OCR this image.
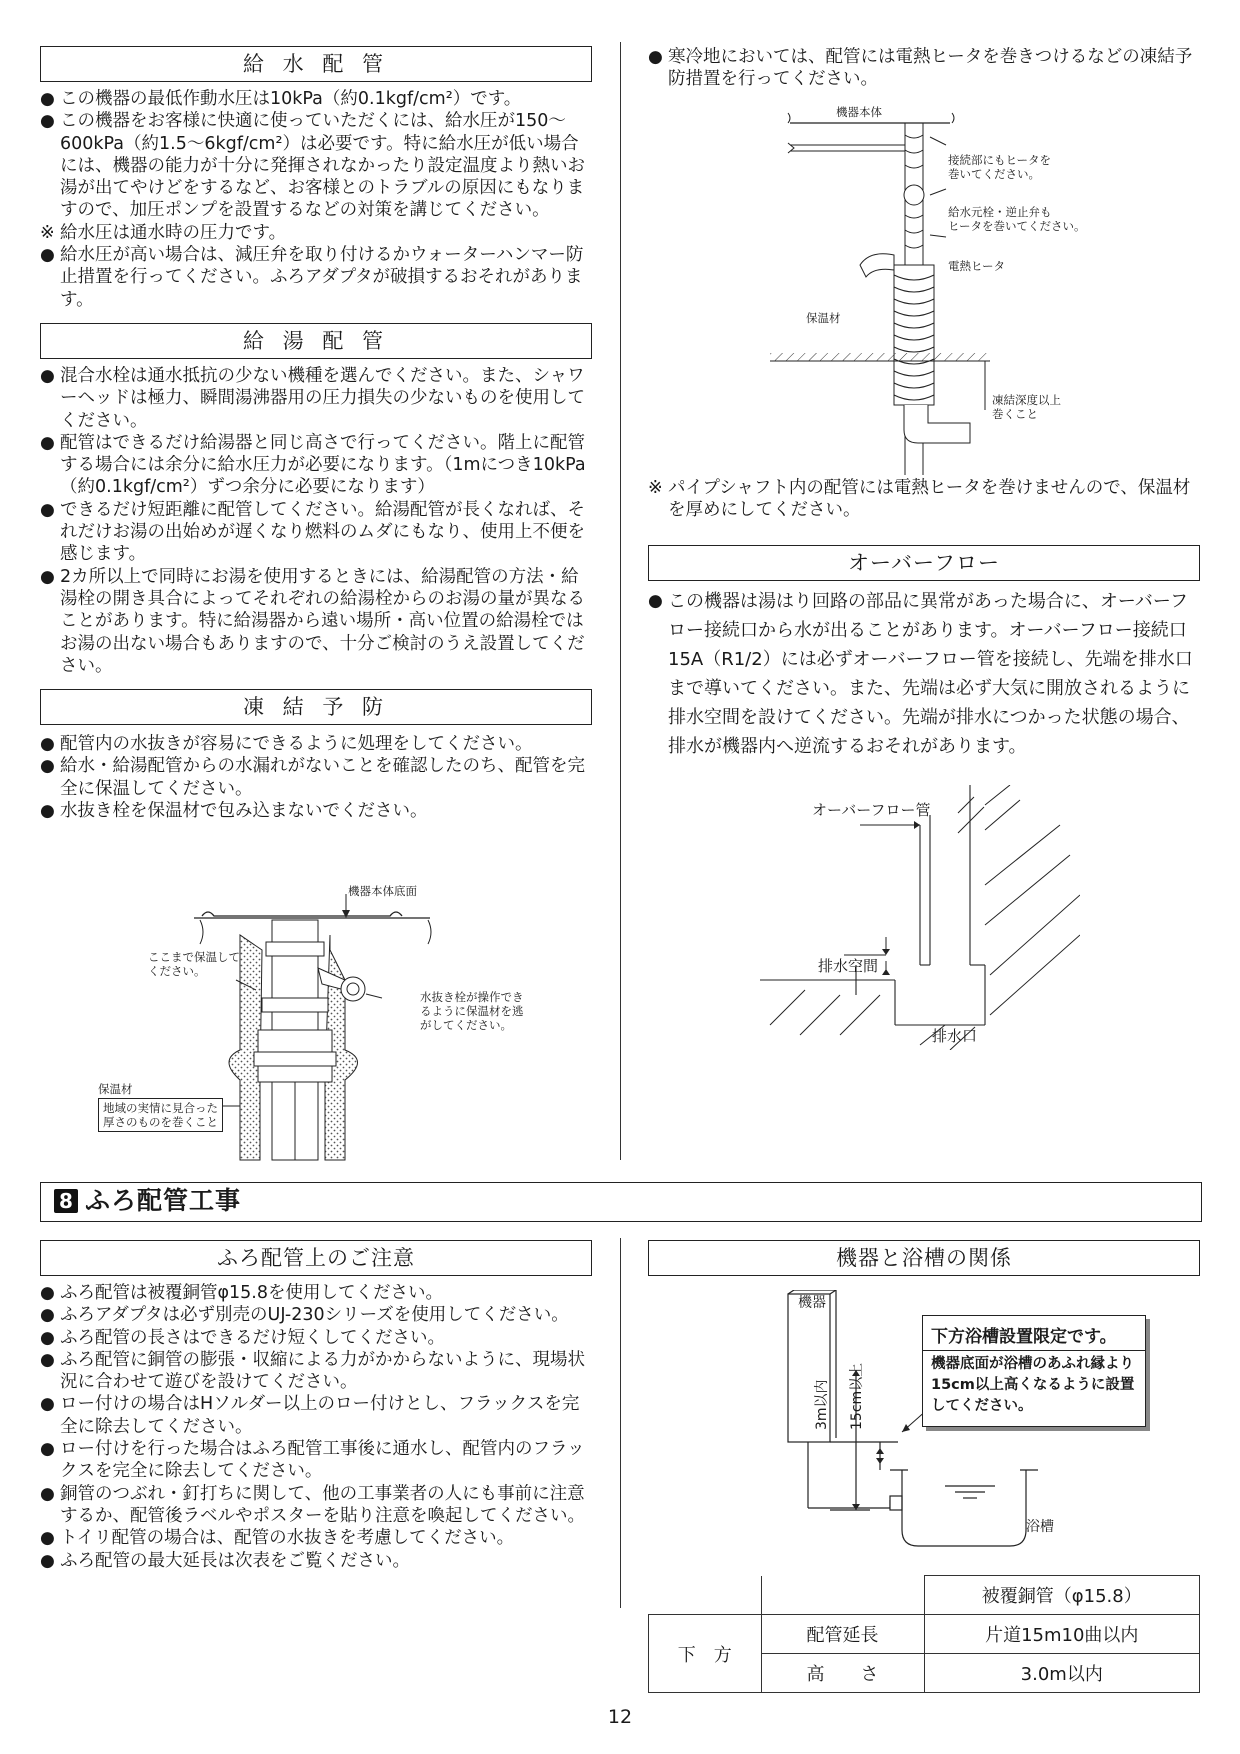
給 水 配 管
● この機器の最低作動水圧は10kPa（約0.1kgf/cm²）です。
● この機器をお客様に快適に使っていただくには、給水圧が150〜600kPa（約1.5〜6kgf/cm²）は必要です。特に給水圧が低い場合には、機器の能力が十分に発揮されなかったり設定温度より熱いお湯が出てやけどをするなど、お客様とのトラブルの原因にもなりますので、加圧ポンプを設置するなどの対策を講じてください。
※ 給水圧は通水時の圧力です。
● 給水圧が高い場合は、減圧弁を取り付けるかウォーターハンマー防止措置を行ってください。ふろアダプタが破損するおそれがあります。
給 湯 配 管
● 混合水栓は通水抵抗の少ない機種を選んでください。また、シャワーヘッドは極力、瞬間湯沸器用の圧力損失の少ないものを使用してください。
● 配管はできるだけ給湯器と同じ高さで行ってください。階上に配管する場合には余分に給水圧力が必要になります。（1mにつき10kPa（約0.1kgf/cm²）ずつ余分に必要になります）
● できるだけ短距離に配管してください。給湯配管が長くなれば、それだけお湯の出始めが遅くなり燃料のムダにもなり、使用上不便を感じます。
● 2カ所以上で同時にお湯を使用するときには、給湯配管の方法・給湯栓の開き具合によってそれぞれの給湯栓からのお湯の量が異なることがあります。特に給湯器から遠い場所・高い位置の給湯栓ではお湯の出ない場合もありますので、十分ご検討のうえ設置してください。
凍 結 予 防
● 配管内の水抜きが容易にできるように処理をしてください。
● 給水・給湯配管からの水漏れがないことを確認したのち、配管を完全に保温してください。
● 水抜き栓を保温材で包み込まないでください。
機器本体底面
ここまで保温して
ください。
水抜き栓が操作でき
るように保温材を逃
がしてください。
保温材
地域の実情に見合った
厚さのものを巻くこと
● 寒冷地においては、配管には電熱ヒータを巻きつけるなどの凍結予防措置を行ってください。
機器本体
接続部にもヒータを
巻いてください。
給水元栓・逆止弁も
ヒータを巻いてください。
電熱ヒータ
保温材
凍結深度以上
巻くこと
※ パイプシャフト内の配管には電熱ヒータを巻けませんので、保温材を厚めにしてください。
オーバーフロー
● この機器は湯はり回路の部品に異常があった場合に、オーバーフロー接続口から水が出ることがあります。オーバーフロー接続口 15A（R1/2）には必ずオーバーフロー管を接続し、先端を排水口まで導いてください。また、先端は必ず大気に開放されるように排水空間を設けてください。先端が排水につかった状態の場合、排水が機器内へ逆流するおそれがあります。
オーバーフロー管
排水空間
排水口
8 ふろ配管工事
ふろ配管上のご注意
● ふろ配管は被覆銅管φ15.8を使用してください。
● ふろアダプタは必ず別売のUJ-230シリーズを使用してください。
● ふろ配管の長さはできるだけ短くしてください。
● ふろ配管に銅管の膨張・収縮による力がかからないように、現場状況に合わせて遊びを設けてください。
● ロー付けの場合はHソルダー以上のロー付けとし、フラックスを完全に除去してください。
● ロー付けを行った場合はふろ配管工事後に通水し、配管内のフラックスを完全に除去してください。
● 銅管のつぶれ・釘打ちに関して、他の工事業者の人にも事前に注意するか、配管後ラベルやポスターを貼り注意を喚起してください。
● トイリ配管の場合は、配管の水抜きを考慮してください。
● ふろ配管の最大延長は次表をご覧ください。
機器と浴槽の関係
機器
浴槽
3m以内 15cm以上
下方浴槽設置限定です。
機器底面が浴槽のあふれ縁より15cm以上高くなるように設置してください。
		被覆銅管（φ15.8）
下　方	配管延長	片道15m10曲以内
	高　　さ	3.0m以内
12
